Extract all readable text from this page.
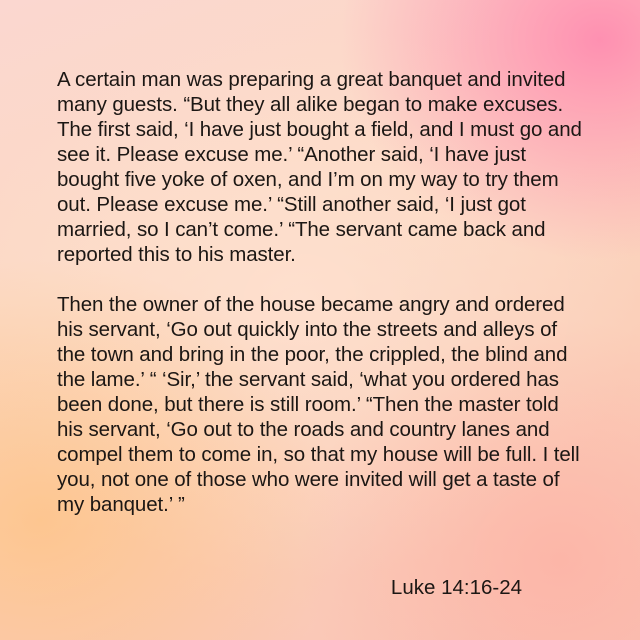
A certain man was preparing a great banquet and invited many guests. “But they all alike began to make excuses. The first said, ‘I have just bought a field, and I must go and see it. Please excuse me.’ “Another said, ‘I have just bought five yoke of oxen, and I’m on my way to try them out. Please excuse me.’ “Still another said, ‘I just got married, so I can’t come.’ “The servant came back and reported this to his master.

Then the owner of the house became angry and ordered his servant, ‘Go out quickly into the streets and alleys of the town and bring in the poor, the crippled, the blind and the lame.’ “ ‘Sir,’ the servant said, ‘what you ordered has been done, but there is still room.’ “Then the master told his servant, ‘Go out to the roads and country lanes and compel them to come in, so that my house will be full. I tell you, not one of those who were invited will get a taste of my banquet.’ ”

Luke 14:16-24
